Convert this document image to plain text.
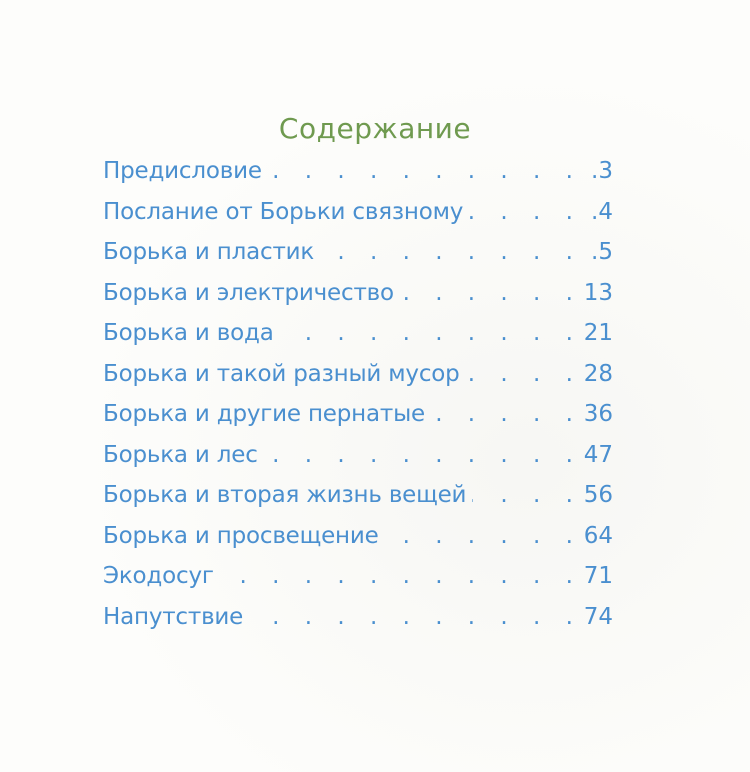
Содержание
Предисловие . . .	.3
Послание от Борьки связному . . .	.4
Борька и пластик . . .	.5
Борька и электричество . . .	13
Борька и вода . . .	21
Борька и такой разный мусор . . .	28
Борька и другие пернатые . . .	36
Борька и лес . . .	47
Борька и вторая жизнь вещей . . .	56
Борька и просвещение . . .	64
Экодосуг . . .	71
Напутствие . . .	74
